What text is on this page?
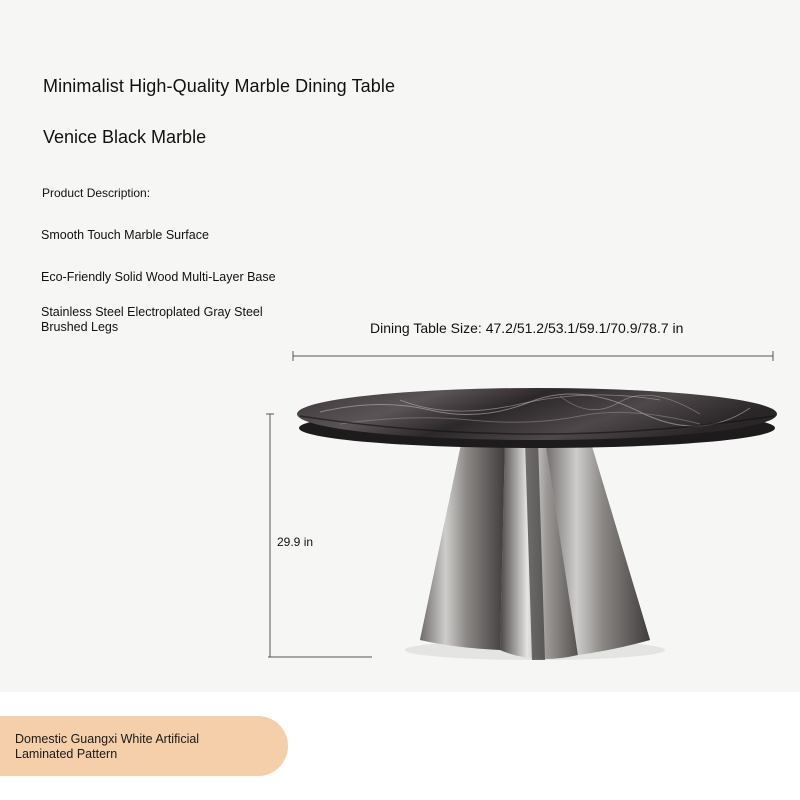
Minimalist High-Quality Marble Dining Table
Venice Black Marble
Product Description:
Smooth Touch Marble Surface
Eco-Friendly Solid Wood Multi-Layer Base
Stainless Steel Electroplated Gray Steel Brushed Legs	Dining Table Size: 47.2/51.2/53.1/59.1/70.9/78.7 in
29.9 in
Domestic Guangxi White Artificial Laminated Pattern
